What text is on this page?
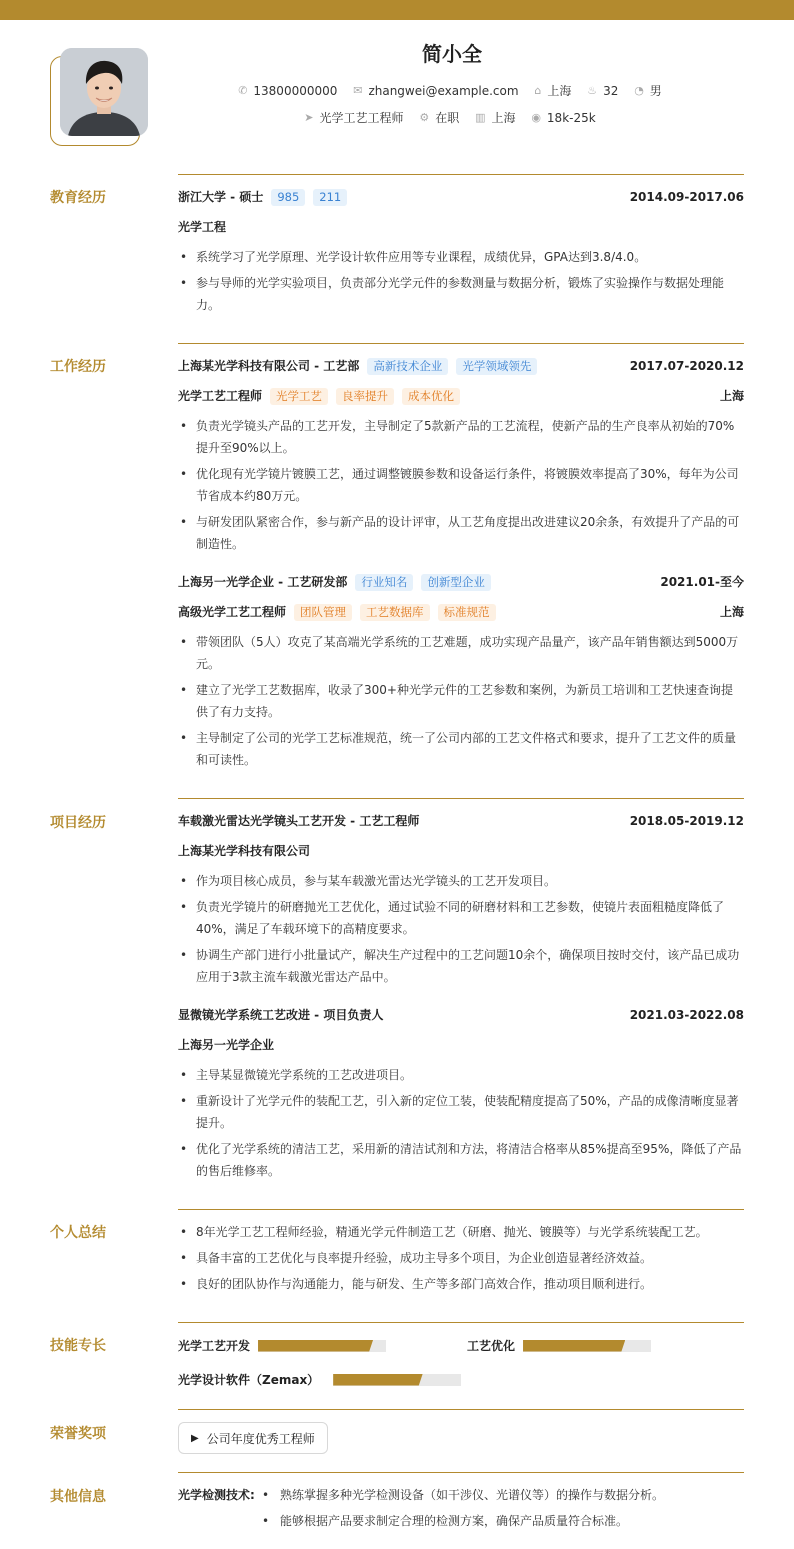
简小全
✆ 13800000000
✉ zhangwei@example.com
⌂ 上海
♨ 32
◔ 男
➤ 光学工艺工程师
⚙ 在职
▥ 上海
◉ 18k-25k
教育经历	浙江大学 - 硕士	985	211	2014.09-2017.06
光学工程
• 系统学习了光学原理、光学设计软件应用等专业课程，成绩优异，GPA达到3.8/4.0。
• 参与导师的光学实验项目，负责部分光学元件的参数测量与数据分析，锻炼了实验操作与数据处理能力。
工作经历	上海某光学科技有限公司 - 工艺部	高新技术企业	光学领域领先	2017.07-2020.12
光学工艺工程师	光学工艺	良率提升	成本优化	上海
• 负责光学镜头产品的工艺开发，主导制定了5款新产品的工艺流程，使新产品的生产良率从初始的70%提升至90%以上。
• 优化现有光学镜片镀膜工艺，通过调整镀膜参数和设备运行条件，将镀膜效率提高了30%，每年为公司节省成本约80万元。
• 与研发团队紧密合作，参与新产品的设计评审，从工艺角度提出改进建议20余条，有效提升了产品的可制造性。
上海另一光学企业 - 工艺研发部	行业知名	创新型企业	2021.01-至今
高级光学工艺工程师	团队管理	工艺数据库	标准规范	上海
• 带领团队（5人）攻克了某高端光学系统的工艺难题，成功实现产品量产，该产品年销售额达到5000万元。
• 建立了光学工艺数据库，收录了300+种光学元件的工艺参数和案例，为新员工培训和工艺快速查询提供了有力支持。
• 主导制定了公司的光学工艺标准规范，统一了公司内部的工艺文件格式和要求，提升了工艺文件的质量和可读性。
项目经历	车载激光雷达光学镜头工艺开发 - 工艺工程师	2018.05-2019.12
上海某光学科技有限公司
• 作为项目核心成员，参与某车载激光雷达光学镜头的工艺开发项目。
• 负责光学镜片的研磨抛光工艺优化，通过试验不同的研磨材料和工艺参数，使镜片表面粗糙度降低了40%，满足了车载环境下的高精度要求。
• 协调生产部门进行小批量试产，解决生产过程中的工艺问题10余个，确保项目按时交付，该产品已成功应用于3款主流车载激光雷达产品中。
显微镜光学系统工艺改进 - 项目负责人	2021.03-2022.08
上海另一光学企业
• 主导某显微镜光学系统的工艺改进项目。
• 重新设计了光学元件的装配工艺，引入新的定位工装，使装配精度提高了50%，产品的成像清晰度显著提升。
• 优化了光学系统的清洁工艺，采用新的清洁试剂和方法，将清洁合格率从85%提高至95%，降低了产品的售后维修率。
个人总结	• 8年光学工艺工程师经验，精通光学元件制造工艺（研磨、抛光、镀膜等）与光学系统装配工艺。
• 具备丰富的工艺优化与良率提升经验，成功主导多个项目，为企业创造显著经济效益。
• 良好的团队协作与沟通能力，能与研发、生产等多部门高效合作，推动项目顺利进行。
技能专长	光学工艺开发	工艺优化
光学设计软件（Zemax）
荣誉奖项	▶ 公司年度优秀工程师
其他信息	光学检测技术:	• 熟练掌握多种光学检测设备（如干涉仪、光谱仪等）的操作与数据分析。
• 能够根据产品要求制定合理的检测方案，确保产品质量符合标准。
